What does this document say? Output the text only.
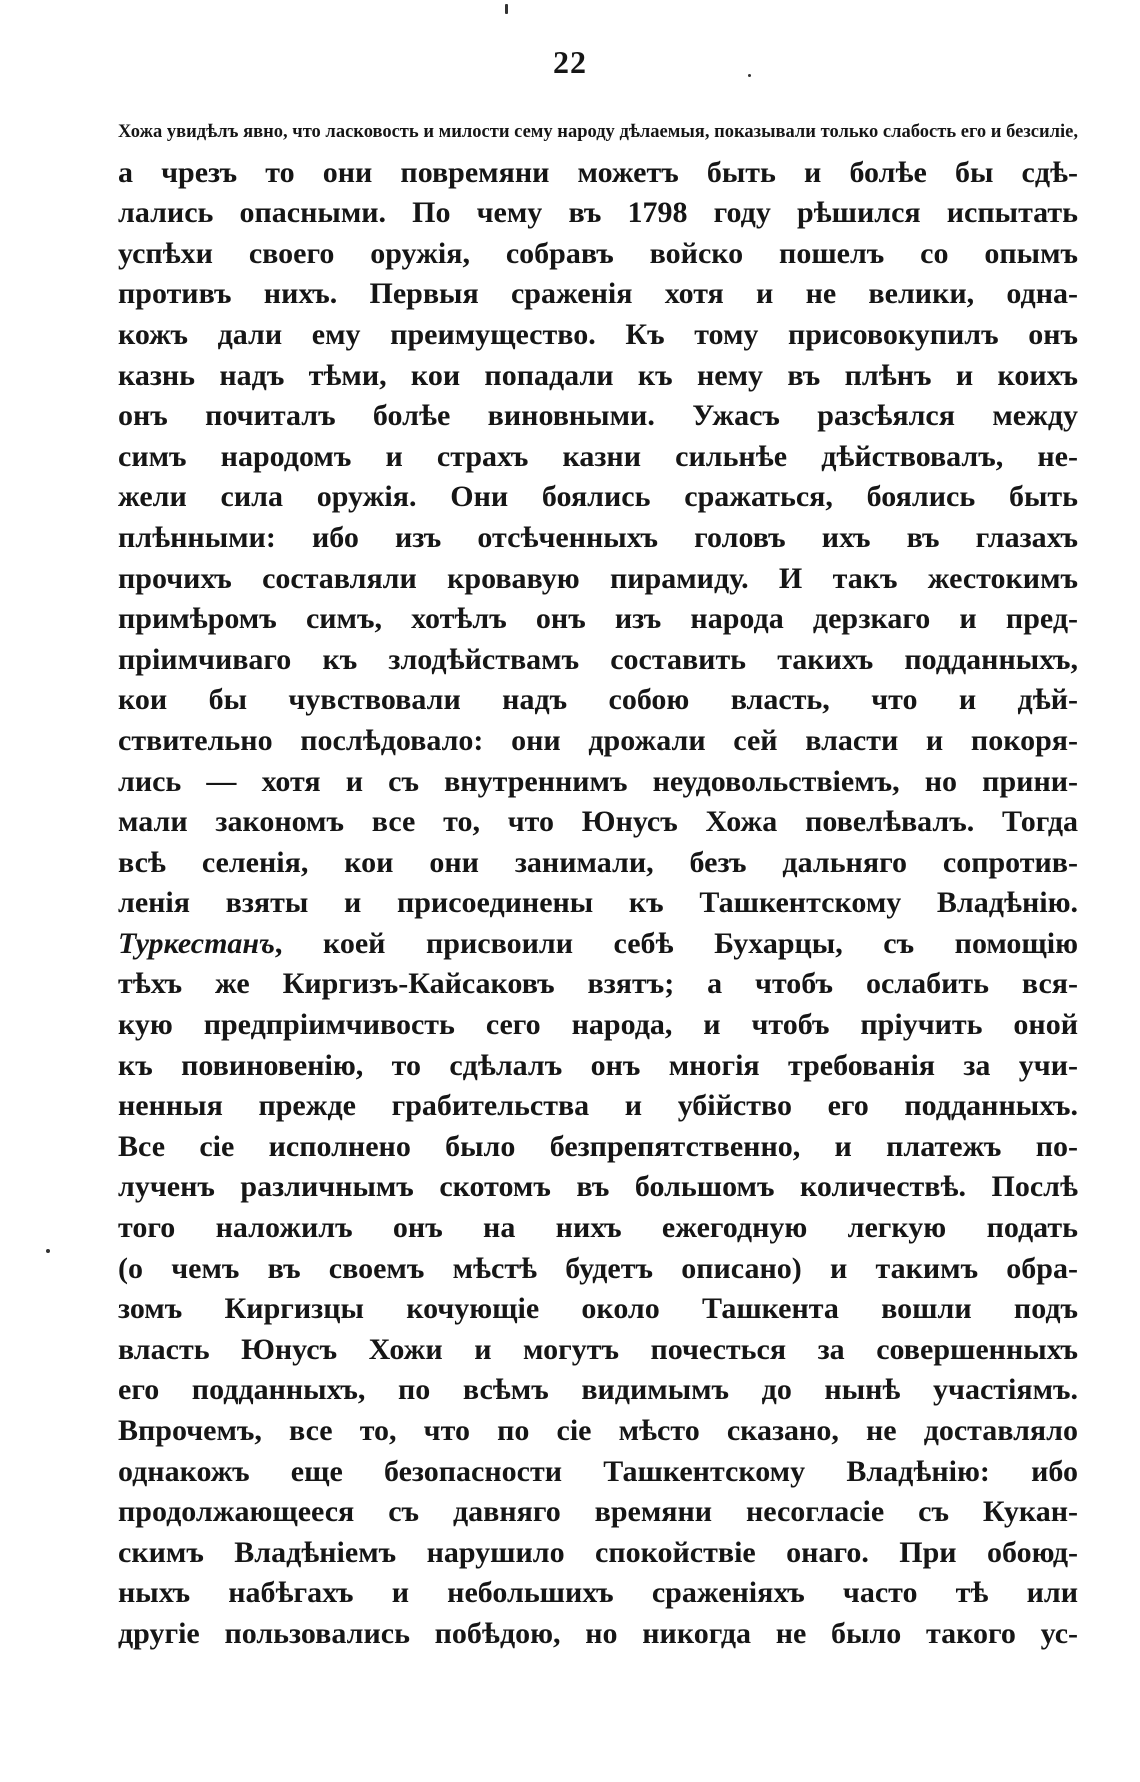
22
Хожа увидѣлъ явно, что ласковость и милости сему народу дѣлаемыя, показывали только слабость его и безсиліе,
а чрезъ то они повремяни можетъ быть и болѣе бы сдѣ-
лались опасными. По чему въ 1798 году рѣшился испытать
успѣхи своего оружія, собравъ войско пошелъ со опымъ
противъ нихъ. Первыя сраженія хотя и не велики, одна-
кожъ дали ему преимущество. Къ тому присовокупилъ онъ
казнь надъ тѣми, кои попадали къ нему въ плѣнъ и коихъ
онъ почиталъ болѣе виновными. Ужасъ разсѣялся между
симъ народомъ и страхъ казни сильнѣе дѣйствовалъ, не-
жели сила оружія. Они боялись сражаться, боялись быть
плѣнными: ибо изъ отсѣченныхъ головъ ихъ въ глазахъ
прочихъ составляли кровавую пирамиду. И такъ жестокимъ
примѣромъ симъ, хотѣлъ онъ изъ народа дерзкаго и пред-
пріимчиваго къ злодѣйствамъ составить такихъ подданныхъ,
кои бы чувствовали надъ собою власть, что и дѣй-
ствительно послѣдовало: они дрожали сей власти и покоря-
лись — хотя и съ внутреннимъ неудовольствіемъ, но прини-
мали закономъ все то, что Юнусъ Хожа повелѣвалъ. Тогда
всѣ селенія, кои они занимали, безъ дальняго сопротив-
ленія взяты и присоединены къ Ташкентскому Владѣнію.
Туркестанъ, коей присвоили себѣ Бухарцы, съ помощію
тѣхъ же Киргизъ-Кайсаковъ взятъ; а чтобъ ослабить вся-
кую предпріимчивость сего народа, и чтобъ пріучить оной
къ повиновенію, то сдѣлалъ онъ многія требованія за учи-
ненныя прежде грабительства и убійство его подданныхъ.
Все сіе исполнено было безпрепятственно, и платежъ по-
лученъ различнымъ скотомъ въ большомъ количествѣ. Послѣ
того наложилъ онъ на нихъ ежегодную легкую подать
(о чемъ въ своемъ мѣстѣ будетъ описано) и такимъ обра-
зомъ Киргизцы кочующіе около Ташкента вошли подъ
власть Юнусъ Хожи и могутъ почесться за совершенныхъ
его подданныхъ, по всѣмъ видимымъ до нынѣ участіямъ.
Впрочемъ, все то, что по сіе мѣсто сказано, не доставляло
однакожъ еще безопасности Ташкентскому Владѣнію: ибо
продолжающееся съ давняго времяни несогласіе съ Кукан-
скимъ Владѣніемъ нарушило спокойствіе онаго. При обоюд-
ныхъ набѣгахъ и небольшихъ сраженіяхъ часто тѣ или
другіе пользовались побѣдою, но никогда не было такого ус-
